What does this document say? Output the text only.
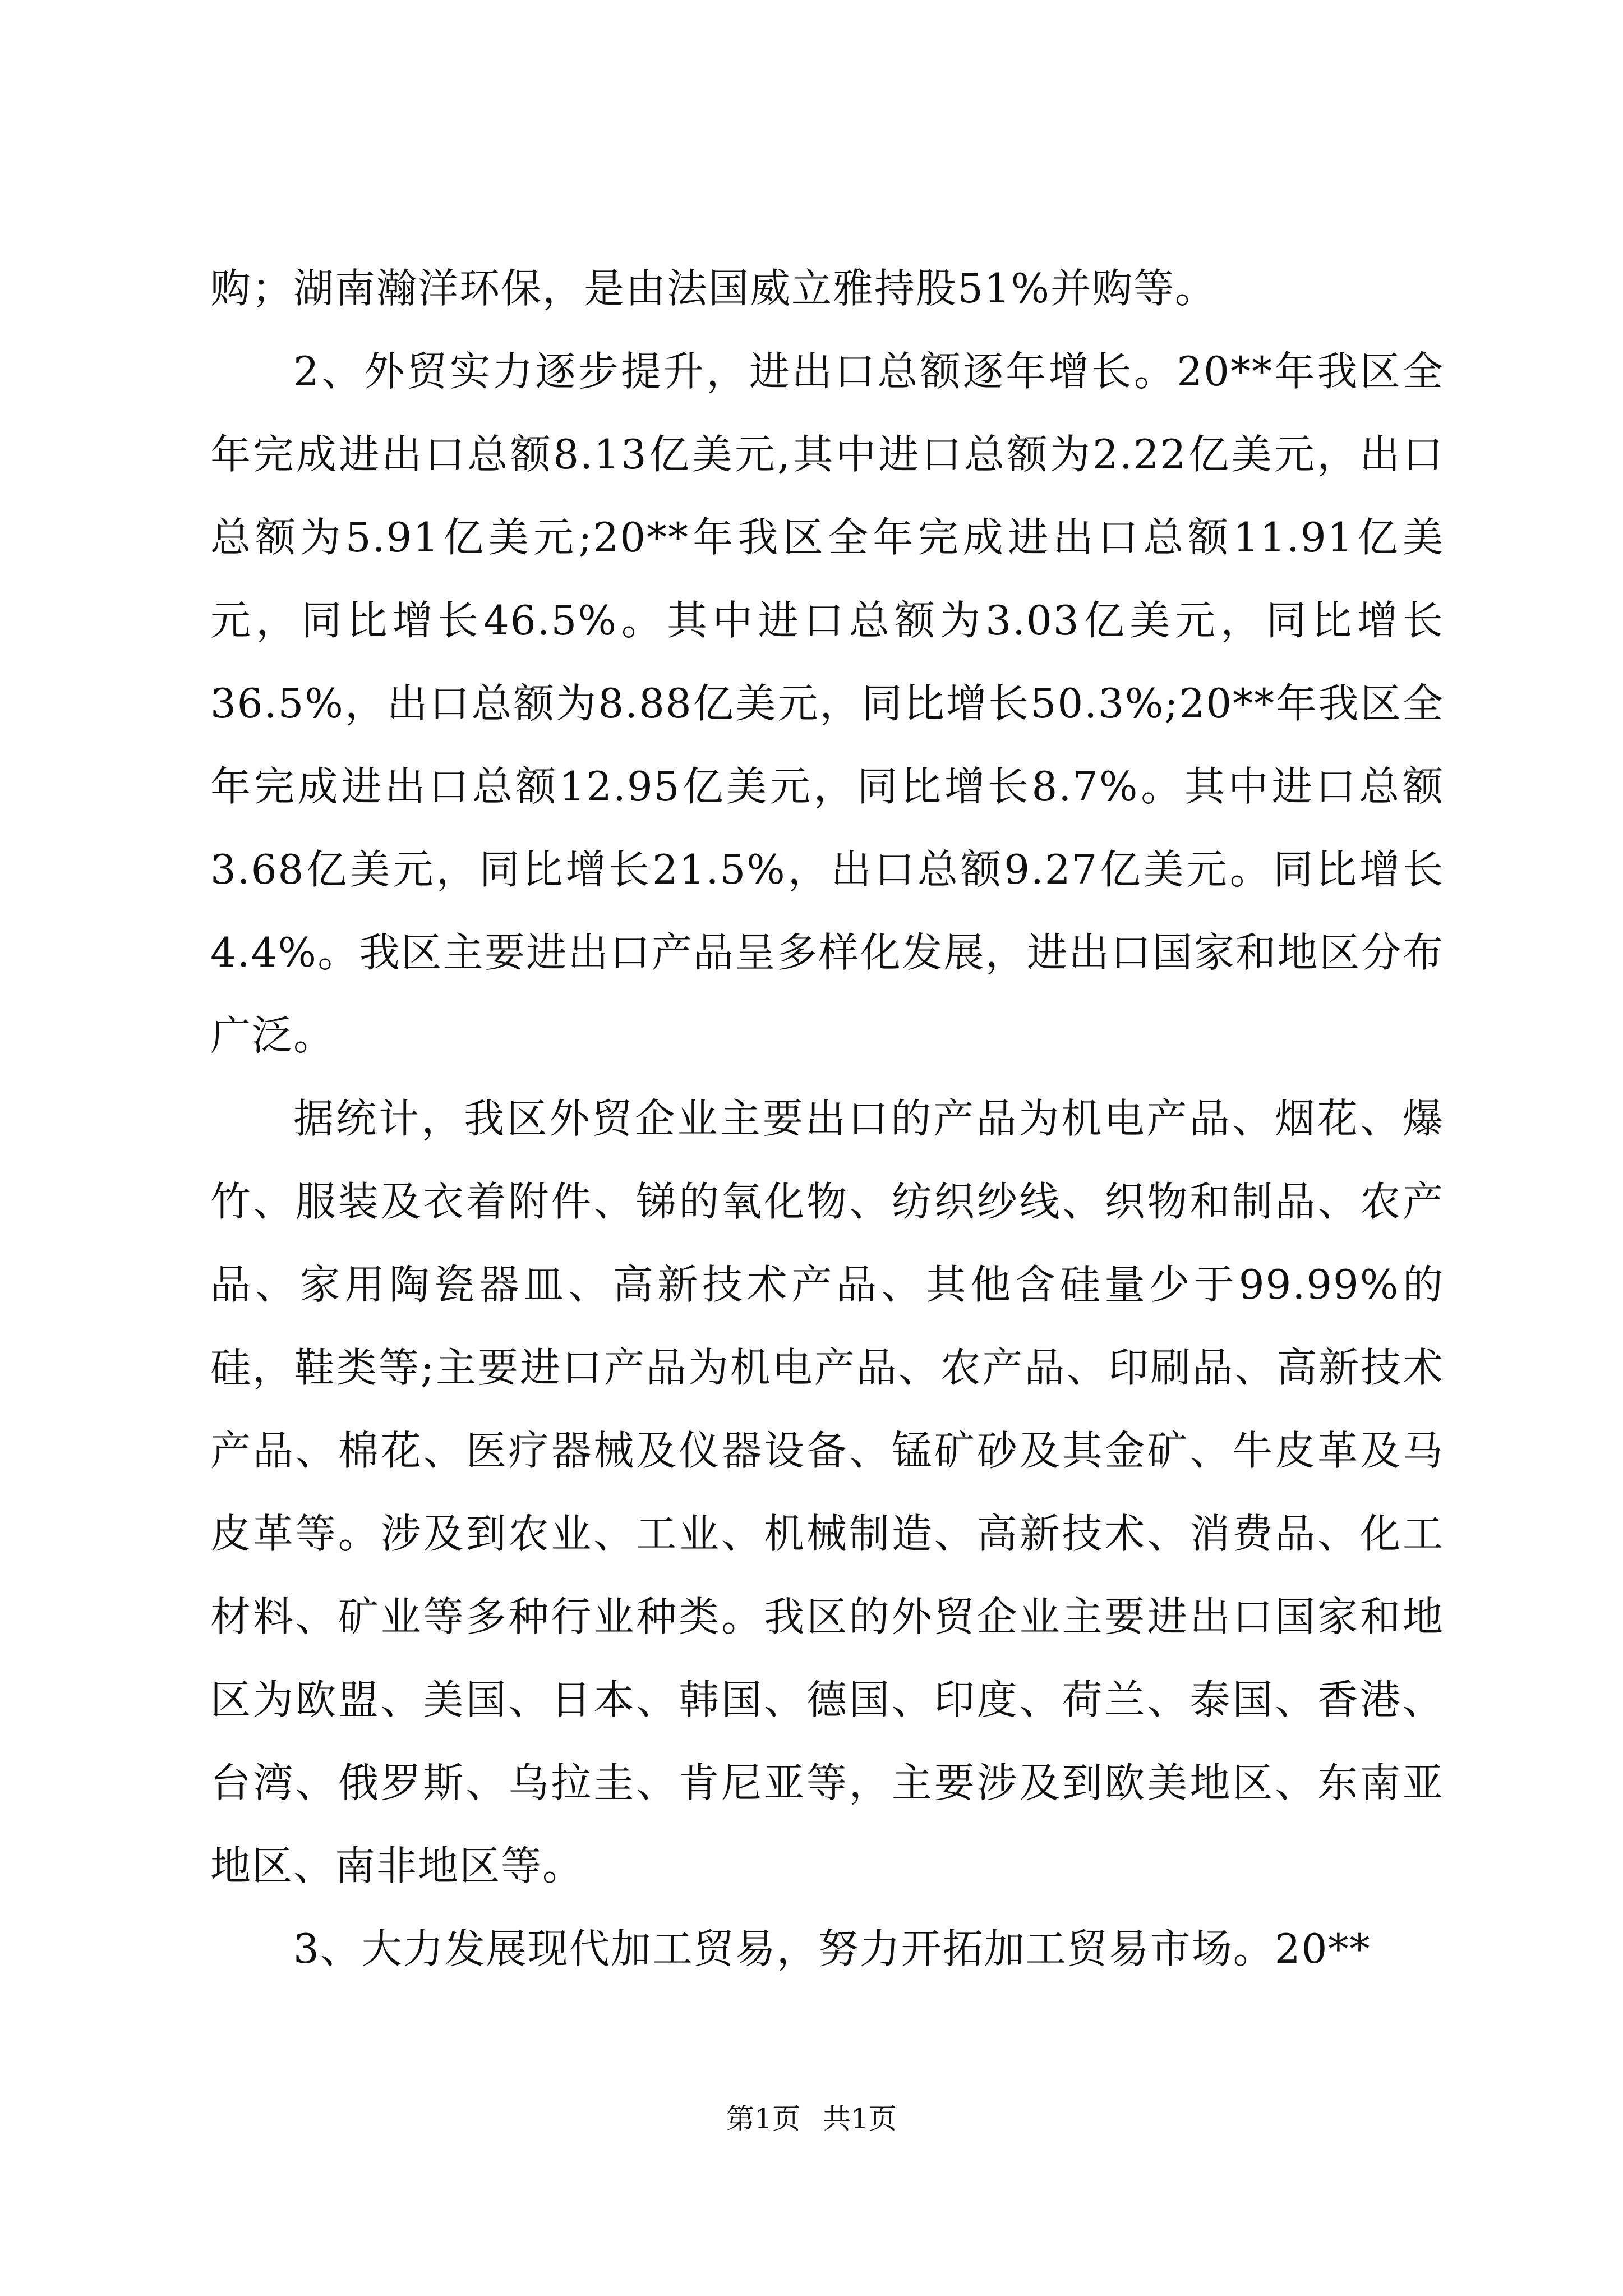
购；湖南瀚洋环保，是由法国威立雅持股51%并购等。

2、外贸实力逐步提升，进出口总额逐年增长。20**年我区全年完成进出口总额8.13亿美元,其中进口总额为2.22亿美元，出口总额为5.91亿美元;20**年我区全年完成进出口总额11.91亿美元，同比增长46.5%。其中进口总额为3.03亿美元，同比增长36.5%，出口总额为8.88亿美元，同比增长50.3%;20**年我区全年完成进出口总额12.95亿美元，同比增长8.7%。其中进口总额3.68亿美元，同比增长21.5%，出口总额9.27亿美元。同比增长4.4%。我区主要进出口产品呈多样化发展，进出口国家和地区分布广泛。

据统计，我区外贸企业主要出口的产品为机电产品、烟花、爆竹、服装及衣着附件、锑的氧化物、纺织纱线、织物和制品、农产品、家用陶瓷器皿、高新技术产品、其他含硅量少于99.99%的硅，鞋类等;主要进口产品为机电产品、农产品、印刷品、高新技术产品、棉花、医疗器械及仪器设备、锰矿砂及其金矿、牛皮革及马皮革等。涉及到农业、工业、机械制造、高新技术、消费品、化工材料、矿业等多种行业种类。我区的外贸企业主要进出口国家和地区为欧盟、美国、日本、韩国、德国、印度、荷兰、泰国、香港、台湾、俄罗斯、乌拉圭、肯尼亚等，主要涉及到欧美地区、东南亚地区、南非地区等。

3、大力发展现代加工贸易，努力开拓加工贸易市场。20**

第1页 共1页
